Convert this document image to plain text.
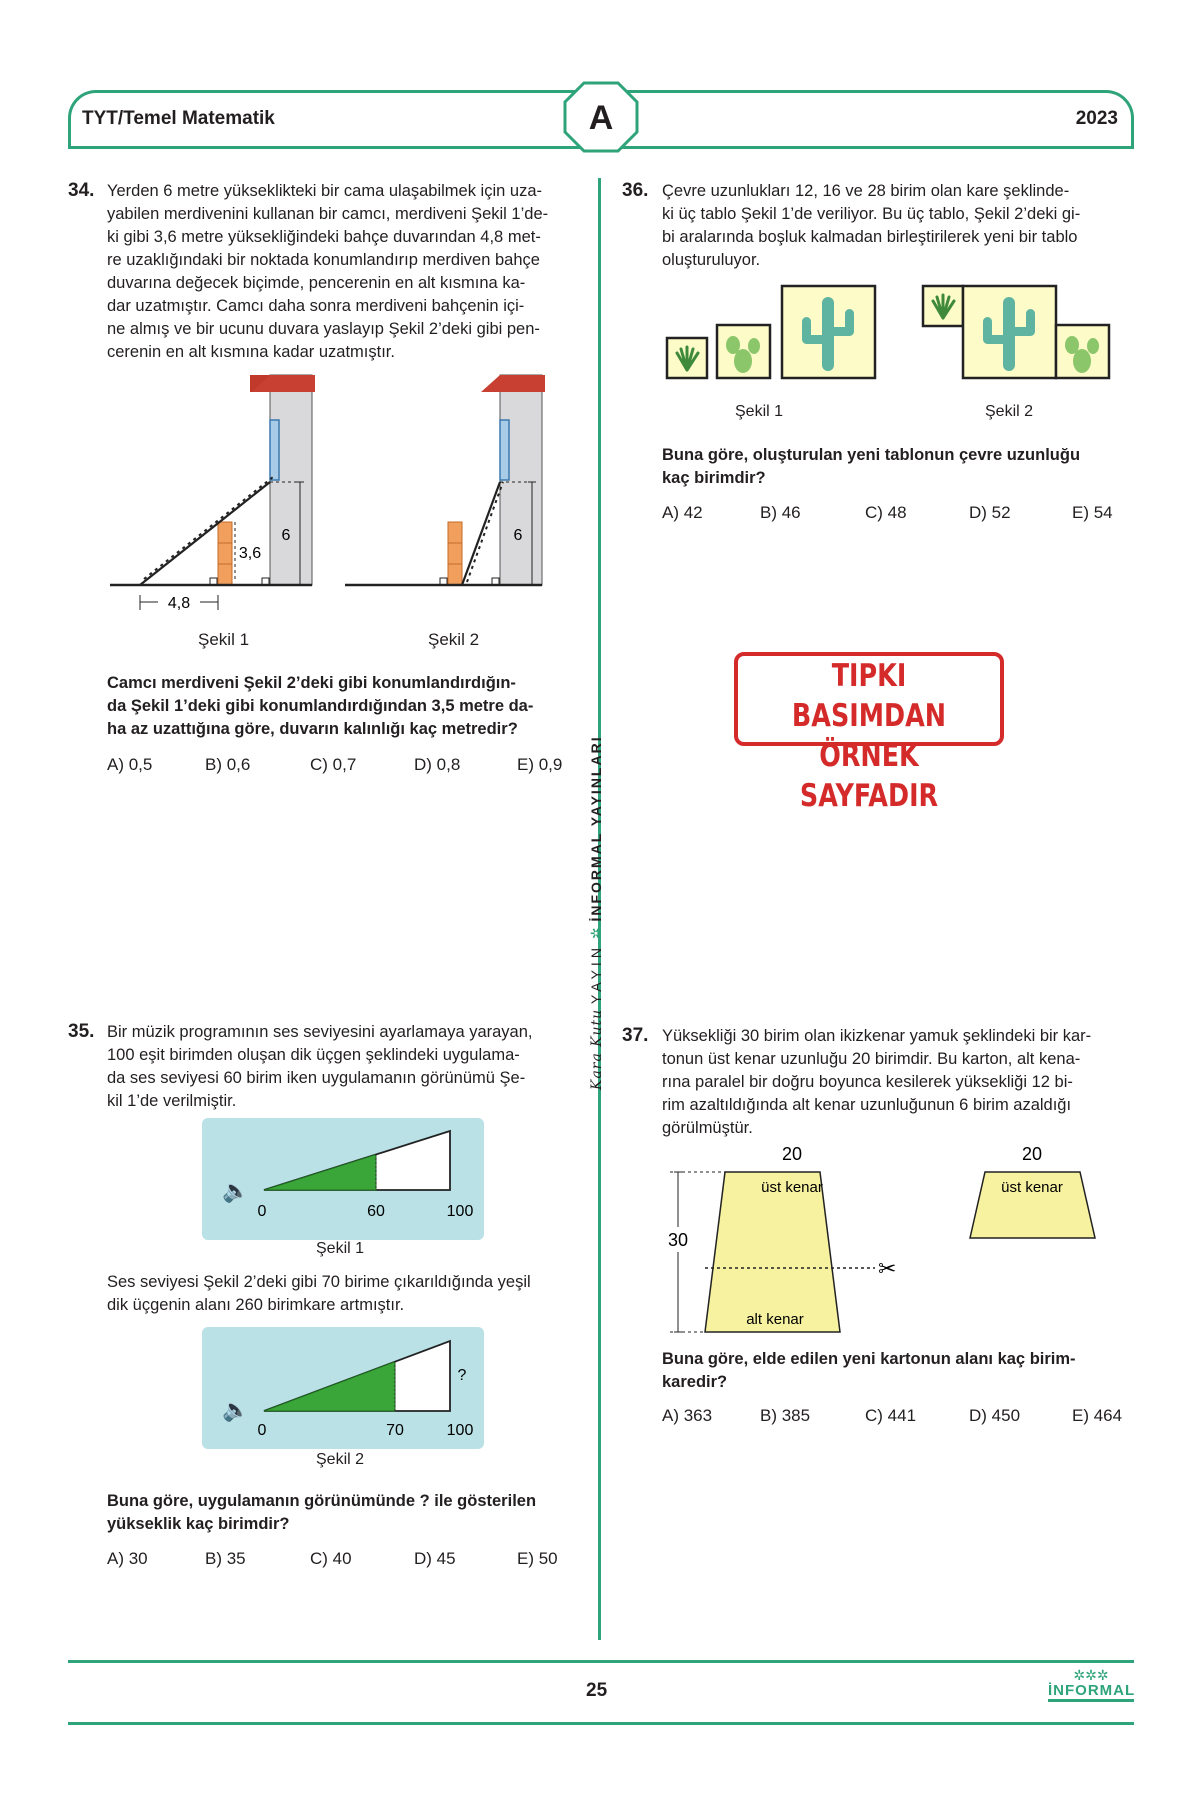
TYT/Temel Matematik	2023
A
Kara Kutu YAYIN ✲ İNFORMAL YAYINLARI
34. Yerden 6 metre yükseklikteki bir cama ulaşabilmek için uza-
yabilen merdivenini kullanan bir camcı, merdiveni Şekil 1’de-
ki gibi 3,6 metre yüksekliğindeki bahçe duvarından 4,8 met-
re uzaklığındaki bir noktada konumlandırıp merdiven bahçe
duvarına değecek biçimde, pencerenin en alt kısmına ka-
dar uzatmıştır. Camcı daha sonra merdiveni bahçenin içi-
ne almış ve bir ucunu duvara yaslayıp Şekil 2’deki gibi pen-
cerenin en alt kısmına kadar uzatmıştır.
6
3,6
4,8
Şekil 1
6
Şekil 2
Camcı merdiveni Şekil 2’deki gibi konumlandırdığın-
da Şekil 1’deki gibi konumlandırdığından 3,5 metre da-
ha az uzattığına göre, duvarın kalınlığı kaç metredir?
A) 0,5	B) 0,6	C) 0,7	D) 0,8	E) 0,9
35. Bir müzik programının ses seviyesini ayarlamaya yarayan,
100 eşit birimden oluşan dik üçgen şeklindeki uygulama-
da ses seviyesi 60 birim iken uygulamanın görünümü Şe-
kil 1’de verilmiştir.
🔈
0	60	100
Şekil 1
Ses seviyesi Şekil 2’deki gibi 70 birime çıkarıldığında yeşil
dik üçgenin alanı 260 birimkare artmıştır.
🔈
0	70	100
?
Şekil 2
Buna göre, uygulamanın görünümünde ? ile gösterilen
yükseklik kaç birimdir?
A) 30	B) 35	C) 40	D) 45	E) 50
36. Çevre uzunlukları 12, 16 ve 28 birim olan kare şeklinde-
ki üç tablo Şekil 1’de veriliyor. Bu üç tablo, Şekil 2’deki gi-
bi aralarında boşluk kalmadan birleştirilerek yeni bir tablo
oluşturuluyor.
Şekil 1	Şekil 2
Buna göre, oluşturulan yeni tablonun çevre uzunluğu
kaç birimdir?
A) 42	B) 46	C) 48	D) 52	E) 54
TIPKI BASIMDAN
ÖRNEK SAYFADIR
37. Yüksekliği 30 birim olan ikizkenar yamuk şeklindeki bir kar-
tonun üst kenar uzunluğu 20 birimdir. Bu karton, alt kena-
rına paralel bir doğru boyunca kesilerek yüksekliği 12 bi-
rim azaltıldığında alt kenar uzunluğunun 6 birim azaldığı
görülmüştür.
✂
20
30
üst kenar
alt kenar
20
üst kenar
Buna göre, elde edilen yeni kartonun alanı kaç birim-
karedir?
A) 363	B) 385	C) 441	D) 450	E) 464
25
✲✲✲
İNFORMAL
